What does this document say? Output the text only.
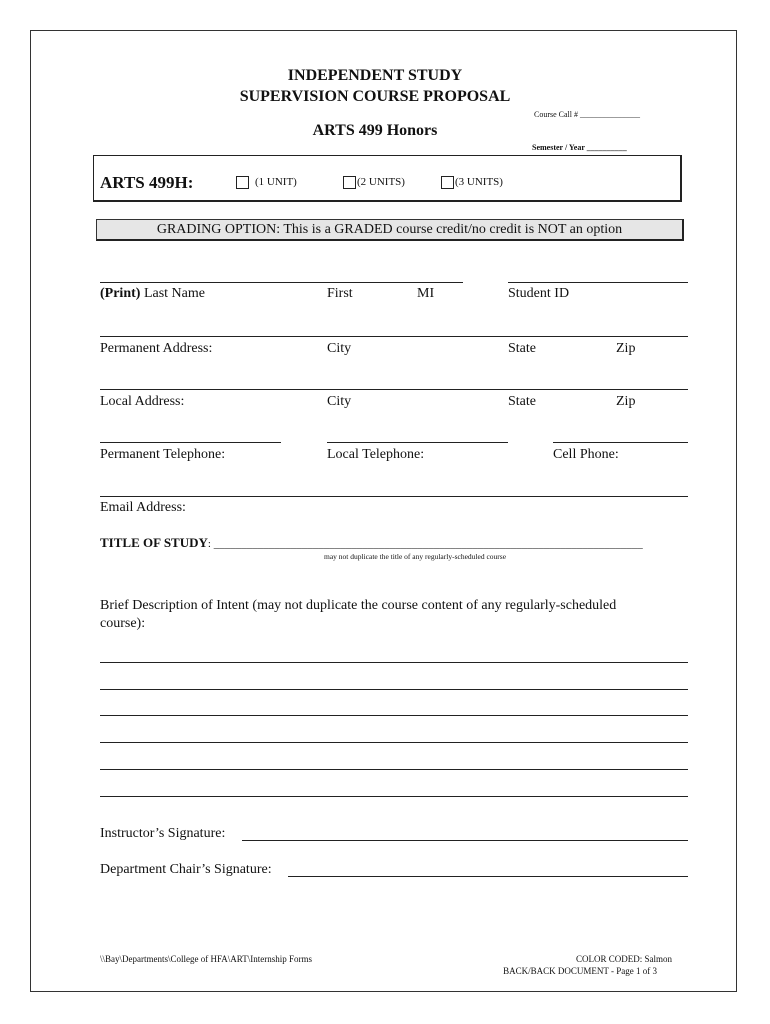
INDEPENDENT STUDY
SUPERVISION COURSE PROPOSAL
ARTS 499 Honors
Course Call # _______________
Semester / Year __________
ARTS 499H:	(1 UNIT)	(2 UNITS)	(3 UNITS)
GRADING OPTION: This is a GRADED course credit/no credit is NOT an option
(Print) Last Name	First	MI	Student ID
Permanent Address:	City	State	Zip
Local Address:	City	State	Zip
Permanent Telephone:	Local Telephone:	Cell Phone:
Email Address:
TITLE OF STUDY: ______________________________________________________________________________
may not duplicate the title of any regularly-scheduled course
Brief Description of Intent (may not duplicate the course content of any regularly-scheduled
course):
Instructor’s Signature:
Department Chair’s Signature:
\\Bay\Departments\College of HFA\ART\Internship Forms	COLOR CODED: Salmon
BACK/BACK DOCUMENT - Page 1 of 3
